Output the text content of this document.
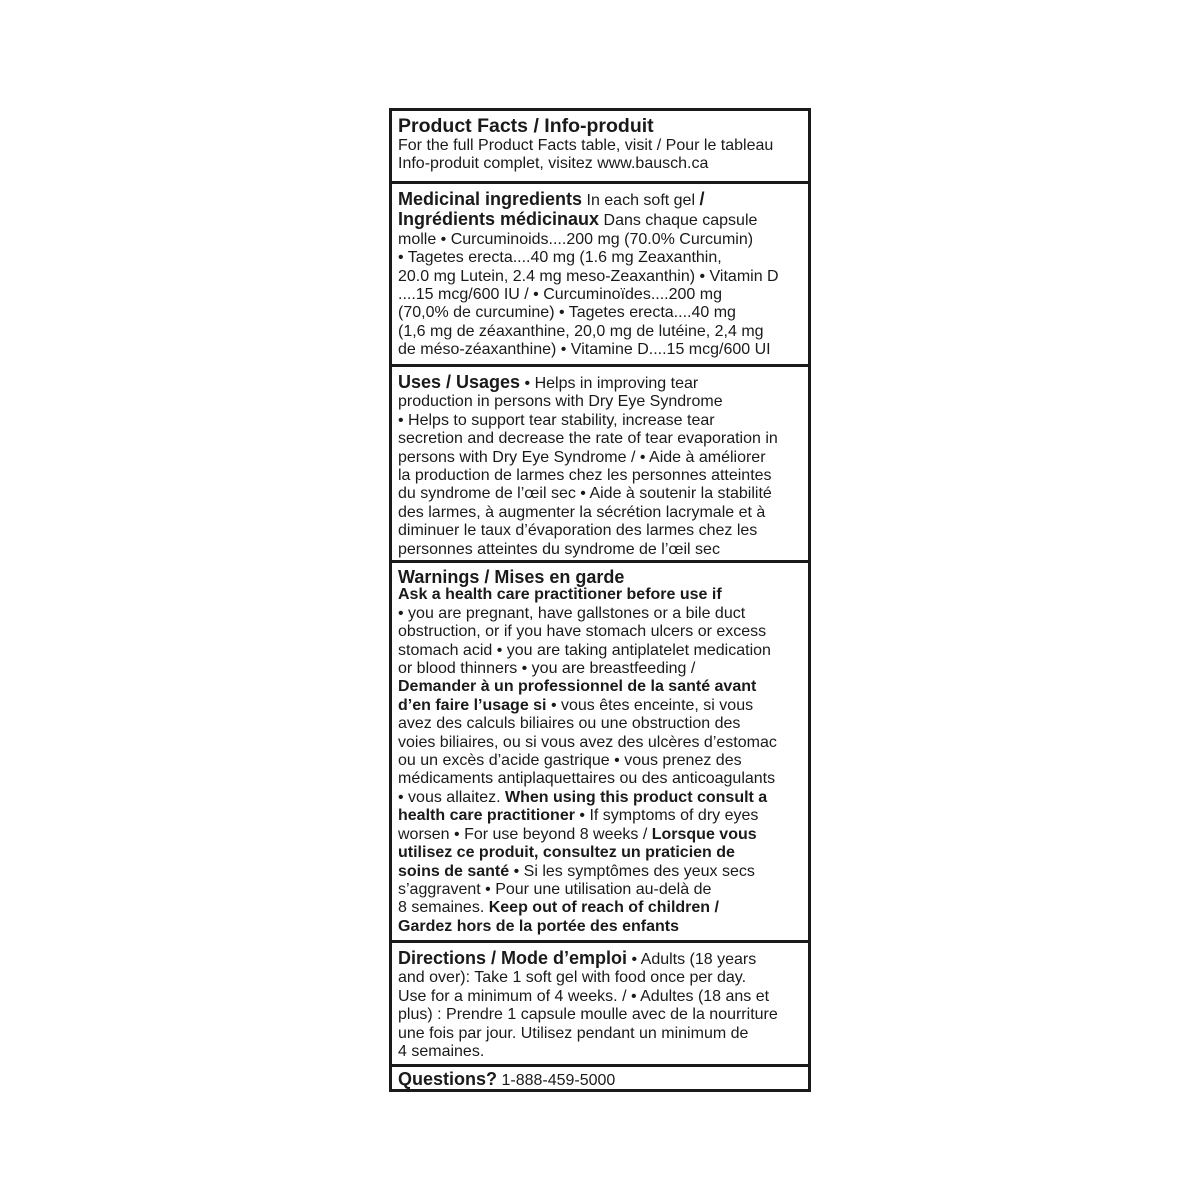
Product Facts / Info-produit
For the full Product Facts table, visit / Pour le tableau
Info-produit complet, visitez www.bausch.ca
Medicinal ingredients In each soft gel /
Ingrédients médicinaux Dans chaque capsule
molle • Curcuminoids....200 mg (70.0% Curcumin)
• Tagetes erecta....40 mg (1.6 mg Zeaxanthin,
20.0 mg Lutein, 2.4 mg meso-Zeaxanthin) • Vitamin D
....15 mcg/600 IU / • Curcuminoïdes....200 mg
(70,0% de curcumine) • Tagetes erecta....40 mg
(1,6 mg de zéaxanthine, 20,0 mg de lutéine, 2,4 mg
de méso-zéaxanthine) • Vitamine D....15 mcg/600 UI
Uses / Usages • Helps in improving tear
production in persons with Dry Eye Syndrome
• Helps to support tear stability, increase tear
secretion and decrease the rate of tear evaporation in
persons with Dry Eye Syndrome / • Aide à améliorer
la production de larmes chez les personnes atteintes
du syndrome de l’œil sec • Aide à soutenir la stabilité
des larmes, à augmenter la sécrétion lacrymale et à
diminuer le taux d’évaporation des larmes chez les
personnes atteintes du syndrome de l’œil sec
Warnings / Mises en garde
Ask a health care practitioner before use if
• you are pregnant, have gallstones or a bile duct
obstruction, or if you have stomach ulcers or excess
stomach acid • you are taking antiplatelet medication
or blood thinners • you are breastfeeding /
Demander à un professionnel de la santé avant
d’en faire l’usage si • vous êtes enceinte, si vous
avez des calculs biliaires ou une obstruction des
voies biliaires, ou si vous avez des ulcères d’estomac
ou un excès d’acide gastrique • vous prenez des
médicaments antiplaquettaires ou des anticoagulants
• vous allaitez. When using this product consult a
health care practitioner • If symptoms of dry eyes
worsen • For use beyond 8 weeks / Lorsque vous
utilisez ce produit, consultez un praticien de
soins de santé • Si les symptômes des yeux secs
s’aggravent • Pour une utilisation au-delà de
8 semaines. Keep out of reach of children /
Gardez hors de la portée des enfants
Directions / Mode d’emploi • Adults (18 years
and over): Take 1 soft gel with food once per day.
Use for a minimum of 4 weeks. / • Adultes (18 ans et
plus) : Prendre 1 capsule moulle avec de la nourriture
une fois par jour. Utilisez pendant un minimum de
4 semaines.
Questions? 1-888-459-5000
